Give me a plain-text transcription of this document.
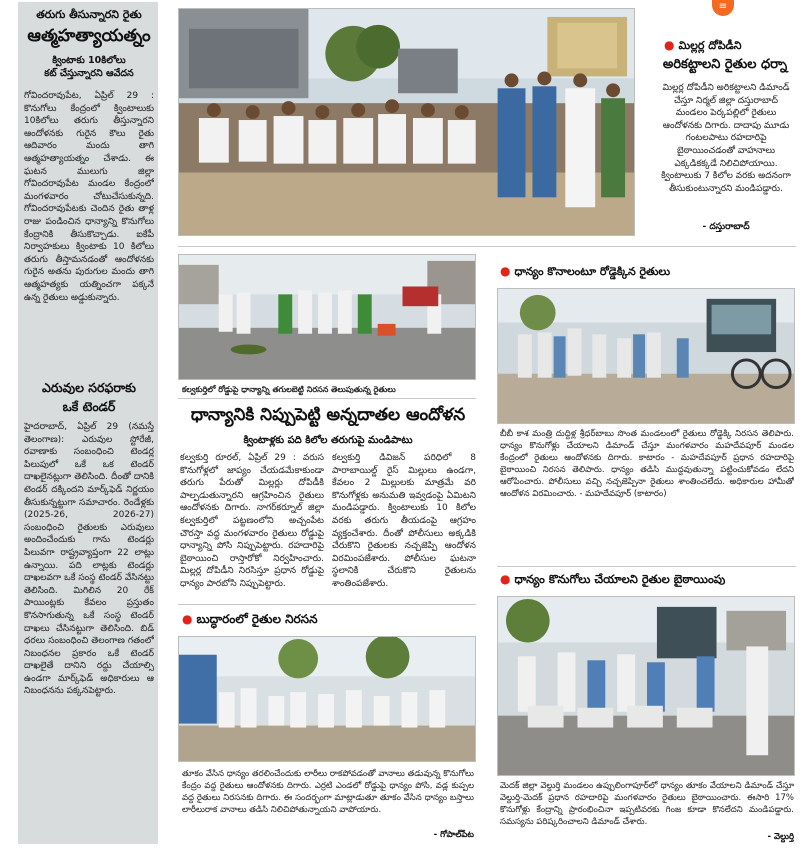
తరుగు తీసున్నారని రైతు
ఆత్మహత్యాయత్నం
క్వింటాకు 10కిలోలు
కట్ చేస్తున్నారని ఆవేదన
గోవిందరావుపేట, ఏప్రిల్ 29 : కొనుగోలు కేంద్రంలో క్వింటాలుకు 10కిలోలు తరుగు తీస్తున్నారని ఆందోళనకు గురైన కౌలు రైతు ఆదివారం మందు తాగి ఆత్మహత్యాయత్నం చేశాడు. ఈ ఘటన ములుగు జిల్లా గోవిందరావుపేట మండల కేంద్రంలో మంగళవారం చోటుచేసుకున్నది. గోవిందరావుపేటకు చెందిన రైతు తాళ్ల రాజు పండించిన ధాన్యాన్ని కొనుగోలు కేంద్రానికి తీసుకొచ్చాడు. ఐకేపీ నిర్వాహకులు క్వింటాకు 10 కిలోలు తరుగు తీస్తామనడంతో ఆందోళనకు గురైన అతను పురుగుల మందు తాగి ఆత్మహత్యకు యత్నించగా పక్కనే ఉన్న రైతులు అడ్డుకున్నారు.
ఎరువుల సరఫరాకు
ఒకే టెండర్
హైదరాబాద్, ఏప్రిల్ 29 (నమస్తే తెలంగాణ): ఎరువుల స్టోరేజీ, రవాణాకు సంబంధించి టెండర్ల పిలుపులో ఒకే ఒక టెండర్ దాఖలైనట్లుగా తెలిసింది. దీంతో దానికి టెండర్ దక్కిందని మార్క్‌ఫెడ్ నిర్ణయం తీసుకున్నట్టుగా సమాచారం. రెండేళ్లకు (2025-26, 2026-27) సంబంధించి రైతులకు ఎరువులు అందించేందుకు గాను టెండర్లు పిలువగా రాష్ట్రవ్యాప్తంగా 22 లాట్లు ఉన్నాయి. పది లాట్లకు టెండర్లు దాఖలవగా ఒకే సంస్థ టెండర్ వేసినట్టు తెలిసింది. మిగిలిన 20 రేక్ పాయింట్లకు కేవలం ప్రస్తుతం కొనసాగుతున్న ఒకే సంస్థ టెండర్ దాఖలు చేసినట్టుగా తెలిసింది. బిడ్ ధరలు సంబంధించి తెలంగాణ గతంలో నిబంధనల ప్రకారం ఒకే టెండర్ దాఖలైతే దానిని రద్దు చేయాల్సి ఉండగా మార్క్‌ఫెడ్ అధికారులు ఆ నిబంధనను పక్కనపెట్టారు.
≡
● మిల్లర్ల దోపిడీని
అరికట్టాలని రైతుల ధర్నా
మిల్లర్ల దోపిడీని అరికట్టాలని డిమాండ్ చేస్తూ నిర్మల్ జిల్లా దస్తురాబాద్ మండలం పెర్కపల్లిలో రైతులు ఆందోళనకు దిగారు. దాదాపు మూడు గంటలపాటు రహదారిపై బైఠాయించడంతో వాహనాలు ఎక్కడికక్కడే నిలిచిపోయాయి. క్వింటాలుకు 7 కిలోల వరకు అదనంగా తీసుకుంటున్నారని మండిపడ్డారు.
- దస్తురాబాద్
కల్వకుర్తిలో రోడ్డుపై ధాన్యాన్ని తగులబెట్టి నిరసన తెలుపుతున్న రైతులు
ధాన్యానికి నిప్పుపెట్టి అన్నదాతల ఆందోళన
క్వింటాళ్లకు పది కిలోల తరుగుపై మండిపాటు
కల్వకుర్తి రూరల్, ఏప్రిల్ 29 : వరుస కొనుగోళ్లలో జాప్యం చేయడమేకాకుండా తరుగు పేరుతో మిల్లర్లు దోపిడీకి పాల్పడుతున్నారని ఆగ్రహించిన రైతులు ఆందోళనకు దిగారు. నాగర్‌కర్నూల్ జిల్లా కల్వకుర్తిలో పట్టణంలోని అచ్చంపేట చౌరస్తా వద్ద మంగళవారం రైతులు రోడ్డుపై ధాన్యాన్ని పోసి నిప్పుపెట్టారు. రహదారిపై బైఠాయించి రాస్తారోకో నిర్వహించారు. మిల్లర్ల దోపిడీని నిరసిస్తూ ప్రధాన రోడ్డుపై ధాన్యం పారబోసి నిప్పుపెట్టారు.
కల్వకుర్తి డివిజన్ పరిధిలో 8 పారాబాయిల్డ్ రైస్ మిల్లులు ఉండగా, కేవలం 2 మిల్లులకు మాత్రమే వరి కొనుగోళ్లకు అనుమతి ఇవ్వడంపై ఏమిటని మండిపడ్డారు. క్వింటాలుకు 10 కిలోల వరకు తరుగు తీయడంపై ఆగ్రహం వ్యక్తంచేశారు. దీంతో పోలీసులు అక్కడికి చేరుకొని రైతులకు నచ్చజెప్పి ఆందోళన విరమింపజేశారు. పోలీసుల ఘటనా స్థలానికి చేరుకొని రైతులను శాంతింపజేశారు.
● ధాన్యం కొనాలంటూ రోడ్డెక్కిన రైతులు
బీబీ కాశ మంత్రి దుద్దిళ్ల శ్రీధర్‌బాబు సొంత మండలంలో రైతులు రోడ్డెక్కి నిరసన తెలిపారు. ధాన్యం కొనుగోళ్లు చేయాలని డిమాండ్ చేస్తూ మంగళవారం మహదేవపూర్ మండల కేంద్రంలో రైతులు ఆందోళనకు దిగారు. కాటారం - మహదేవపూర్ ప్రధాన రహదారిపై బైఠాయించి నిరసన తెలిపారు. ధాన్యం తడిసి ముద్దవుతున్నా పట్టించుకోవడం లేదని ఆరోపించారు. పోలీసులు వచ్చి నచ్చజెప్పినా రైతులు శాంతించలేదు. అధికారుల హామీతో ఆందోళన విరమించారు. - మహదేవపూర్ (కాటారం)
● బుద్ధారంలో రైతుల నిరసన
తూకం వేసిన ధాన్యం తరలించేందుకు లారీలు రాకపోవడంతో వానాలు తడువున్న కొనుగోలు కేంద్రం వద్ద రైతులు ఆందోళనకు దిగారు. ఎర్రటి ఎండలో రోడ్డుపై ధాన్యం పోసి, వడ్ల కుప్పల వద్ద రైతులు నిరసనకు దిగారు. ఈ సందర్భంగా మాట్లాడుతూ తూకం వేసిన ధాన్యం బస్తాలు లారీలురాక వానాలు తడిసి నిలిచిపోతున్నాయని వాపోయారు.
- గోపాల్‌పేట
● ధాన్యం కొనుగోలు చేయాలని రైతుల బైఠాయింపు
మెదక్ జిల్లా వెల్దుర్తి మండలం ఉప్పులింగాపూర్‌లో ధాన్యం తూకం వేయాలని డిమాండ్ చేస్తూ వెల్దుర్తి-మెదక్ ప్రధాన రహదారిపై మంగళవారం రైతులు బైఠాయించారు. ఈసారి 17% కొనుగోళ్లు కేంద్రాన్ని ప్రారంభించినా ఇప్పటివరకు గింజ కూడా కొనలేదని మండిపడ్డారు. సమస్యను పరిష్కరించాలని డిమాండ్ చేశారు.
- వెల్దుర్తి
